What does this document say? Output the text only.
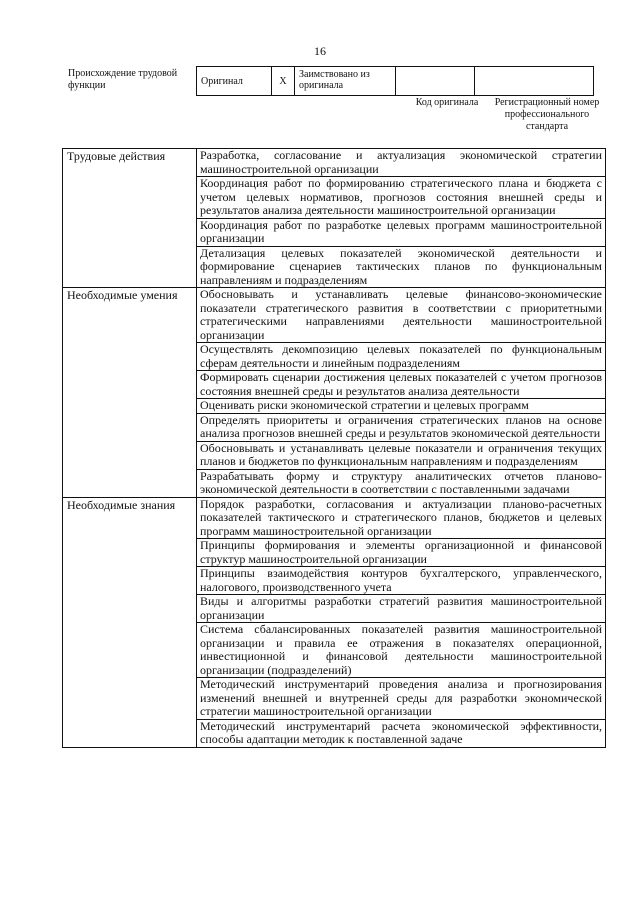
16
Происхождение трудовой функции	Оригинал	X	Заимствовано из оригинала		
Код оригинала	Регистрационный номер профессионального стандарта
Трудовые действия	Разработка, согласование и актуализация экономической стратегии машиностроительной организации
	Координация работ по формированию стратегического плана и бюджета с учетом целевых нормативов, прогнозов состояния внешней среды и результатов анализа деятельности машиностроительной организации
	Координация работ по разработке целевых программ машиностроительной организации
	Детализация целевых показателей экономической деятельности и формирование сценариев тактических планов по функциональным направлениям и подразделениям
Необходимые умения	Обосновывать и устанавливать целевые финансово-экономические показатели стратегического развития в соответствии с приоритетными стратегическими направлениями деятельности машиностроительной организации
	Осуществлять декомпозицию целевых показателей по функциональным сферам деятельности и линейным подразделениям
	Формировать сценарии достижения целевых показателей с учетом прогнозов состояния внешней среды и результатов анализа деятельности
	Оценивать риски экономической стратегии и целевых программ
	Определять приоритеты и ограничения стратегических планов на основе анализа прогнозов внешней среды и результатов экономической деятельности
	Обосновывать и устанавливать целевые показатели и ограничения текущих планов и бюджетов по функциональным направлениям и подразделениям
	Разрабатывать форму и структуру аналитических отчетов планово-экономической деятельности в соответствии с поставленными задачами
Необходимые знания	Порядок разработки, согласования и актуализации планово-расчетных показателей тактического и стратегического планов, бюджетов и целевых программ машиностроительной организации
	Принципы формирования и элементы организационной и финансовой структур машиностроительной организации
	Принципы взаимодействия контуров бухгалтерского, управленческого, налогового, производственного учета
	Виды и алгоритмы разработки стратегий развития машиностроительной организации
	Система сбалансированных показателей развития машиностроительной организации и правила ее отражения в показателях операционной, инвестиционной и финансовой деятельности машиностроительной организации (подразделений)
	Методический инструментарий проведения анализа и прогнозирования изменений внешней и внутренней среды для разработки экономической стратегии машиностроительной организации
	Методический инструментарий расчета экономической эффективности, способы адаптации методик к поставленной задаче
